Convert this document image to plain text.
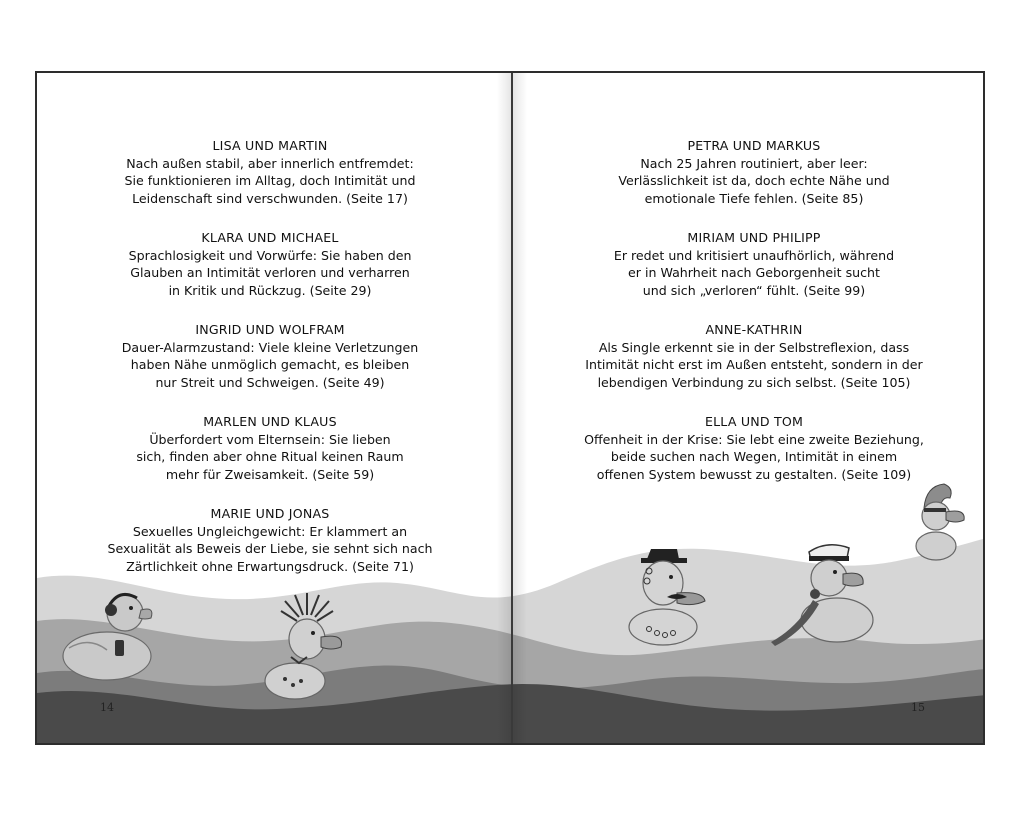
LISA UND MARTIN
Nach außen stabil, aber innerlich entfremdet:
Sie funktionieren im Alltag, doch Intimität und
Leidenschaft sind verschwunden. (Seite 17)
KLARA UND MICHAEL
Sprachlosigkeit und Vorwürfe: Sie haben den
Glauben an Intimität verloren und verharren
in Kritik und Rückzug. (Seite 29)
INGRID UND WOLFRAM
Dauer-Alarmzustand: Viele kleine Verletzungen
haben Nähe unmöglich gemacht, es bleiben
nur Streit und Schweigen. (Seite 49)
MARLEN UND KLAUS
Überfordert vom Elternsein: Sie lieben
sich, finden aber ohne Ritual keinen Raum
mehr für Zweisamkeit. (Seite 59)
MARIE UND JONAS
Sexuelles Ungleichgewicht: Er klammert an
Sexualität als Beweis der Liebe, sie sehnt sich nach
Zärtlichkeit ohne Erwartungsdruck. (Seite 71)
PETRA UND MARKUS
Nach 25 Jahren routiniert, aber leer:
Verlässlichkeit ist da, doch echte Nähe und
emotionale Tiefe fehlen. (Seite 85)
MIRIAM UND PHILIPP
Er redet und kritisiert unaufhörlich, während
er in Wahrheit nach Geborgenheit sucht
und sich „verloren“ fühlt. (Seite 99)
ANNE-KATHRIN
Als Single erkennt sie in der Selbstreflexion, dass
Intimität nicht erst im Außen entsteht, sondern in der
lebendigen Verbindung zu sich selbst. (Seite 105)
ELLA UND TOM
Offenheit in der Krise: Sie lebt eine zweite Beziehung,
beide suchen nach Wegen, Intimität in einem
offenen System bewusst zu gestalten. (Seite 109)
14	15
